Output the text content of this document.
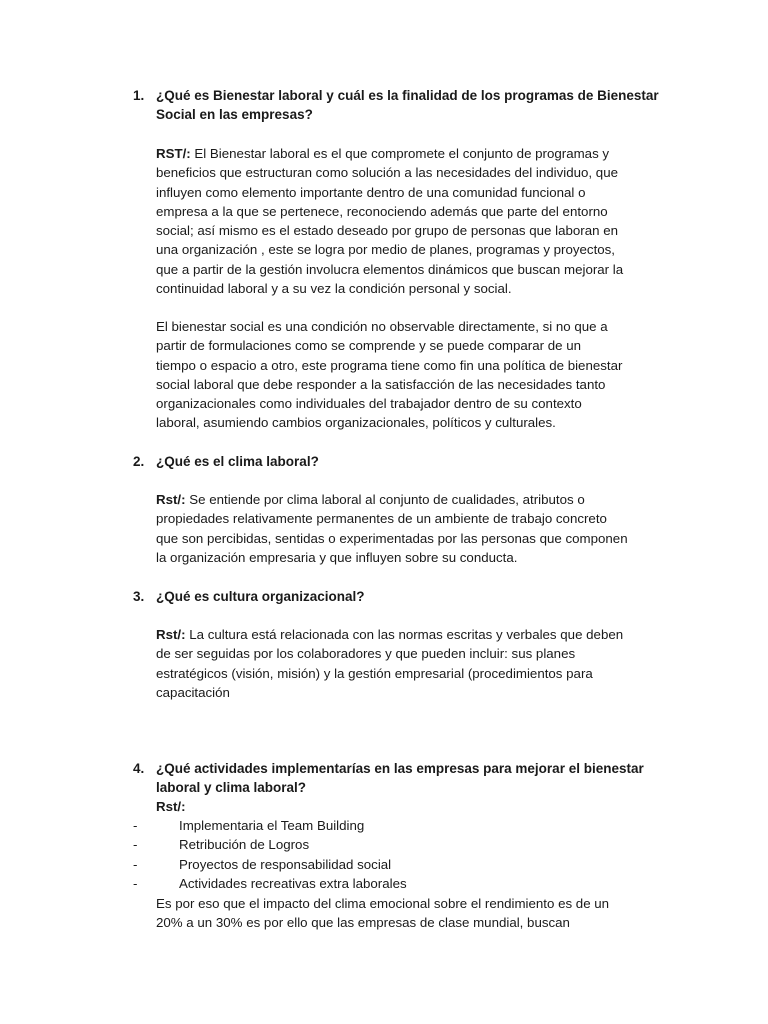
1. ¿Qué es Bienestar laboral y cuál es la finalidad de los programas de Bienestar
Social en las empresas?
RST/: El Bienestar laboral es el que compromete el conjunto de programas y
beneficios que estructuran como solución a las necesidades del individuo, que
influyen como elemento importante dentro de una comunidad funcional o
empresa a la que se pertenece, reconociendo además que parte del entorno
social; así mismo es el estado deseado por grupo de personas que laboran en
una organización , este se logra por medio de planes, programas y proyectos,
que a partir de la gestión involucra elementos dinámicos que buscan mejorar la
continuidad laboral y a su vez la condición personal y social.
El bienestar social es una condición no observable directamente, si no que a
partir de formulaciones como se comprende y se puede comparar de un
tiempo o espacio a otro, este programa tiene como fin una política de bienestar
social laboral que debe responder a la satisfacción de las necesidades tanto
organizacionales como individuales del trabajador dentro de su contexto
laboral, asumiendo cambios organizacionales, políticos y culturales.
2. ¿Qué es el clima laboral?
Rst/: Se entiende por clima laboral al conjunto de cualidades, atributos o
propiedades relativamente permanentes de un ambiente de trabajo concreto
que son percibidas, sentidas o experimentadas por las personas que componen
la organización empresaria y que influyen sobre su conducta.
3. ¿Qué es cultura organizacional?
Rst/: La cultura está relacionada con las normas escritas y verbales que deben
de ser seguidas por los colaboradores y que pueden incluir: sus planes
estratégicos (visión, misión) y la gestión empresarial (procedimientos para
capacitación
4. ¿Qué actividades implementarías en las empresas para mejorar el bienestar
laboral y clima laboral?
Rst/:
-	Implementaria el Team Building
-	Retribución de Logros
-	Proyectos de responsabilidad social
-	Actividades recreativas extra laborales
Es por eso que el impacto del clima emocional sobre el rendimiento es de un
20% a un 30% es por ello que las empresas de clase mundial, buscan
